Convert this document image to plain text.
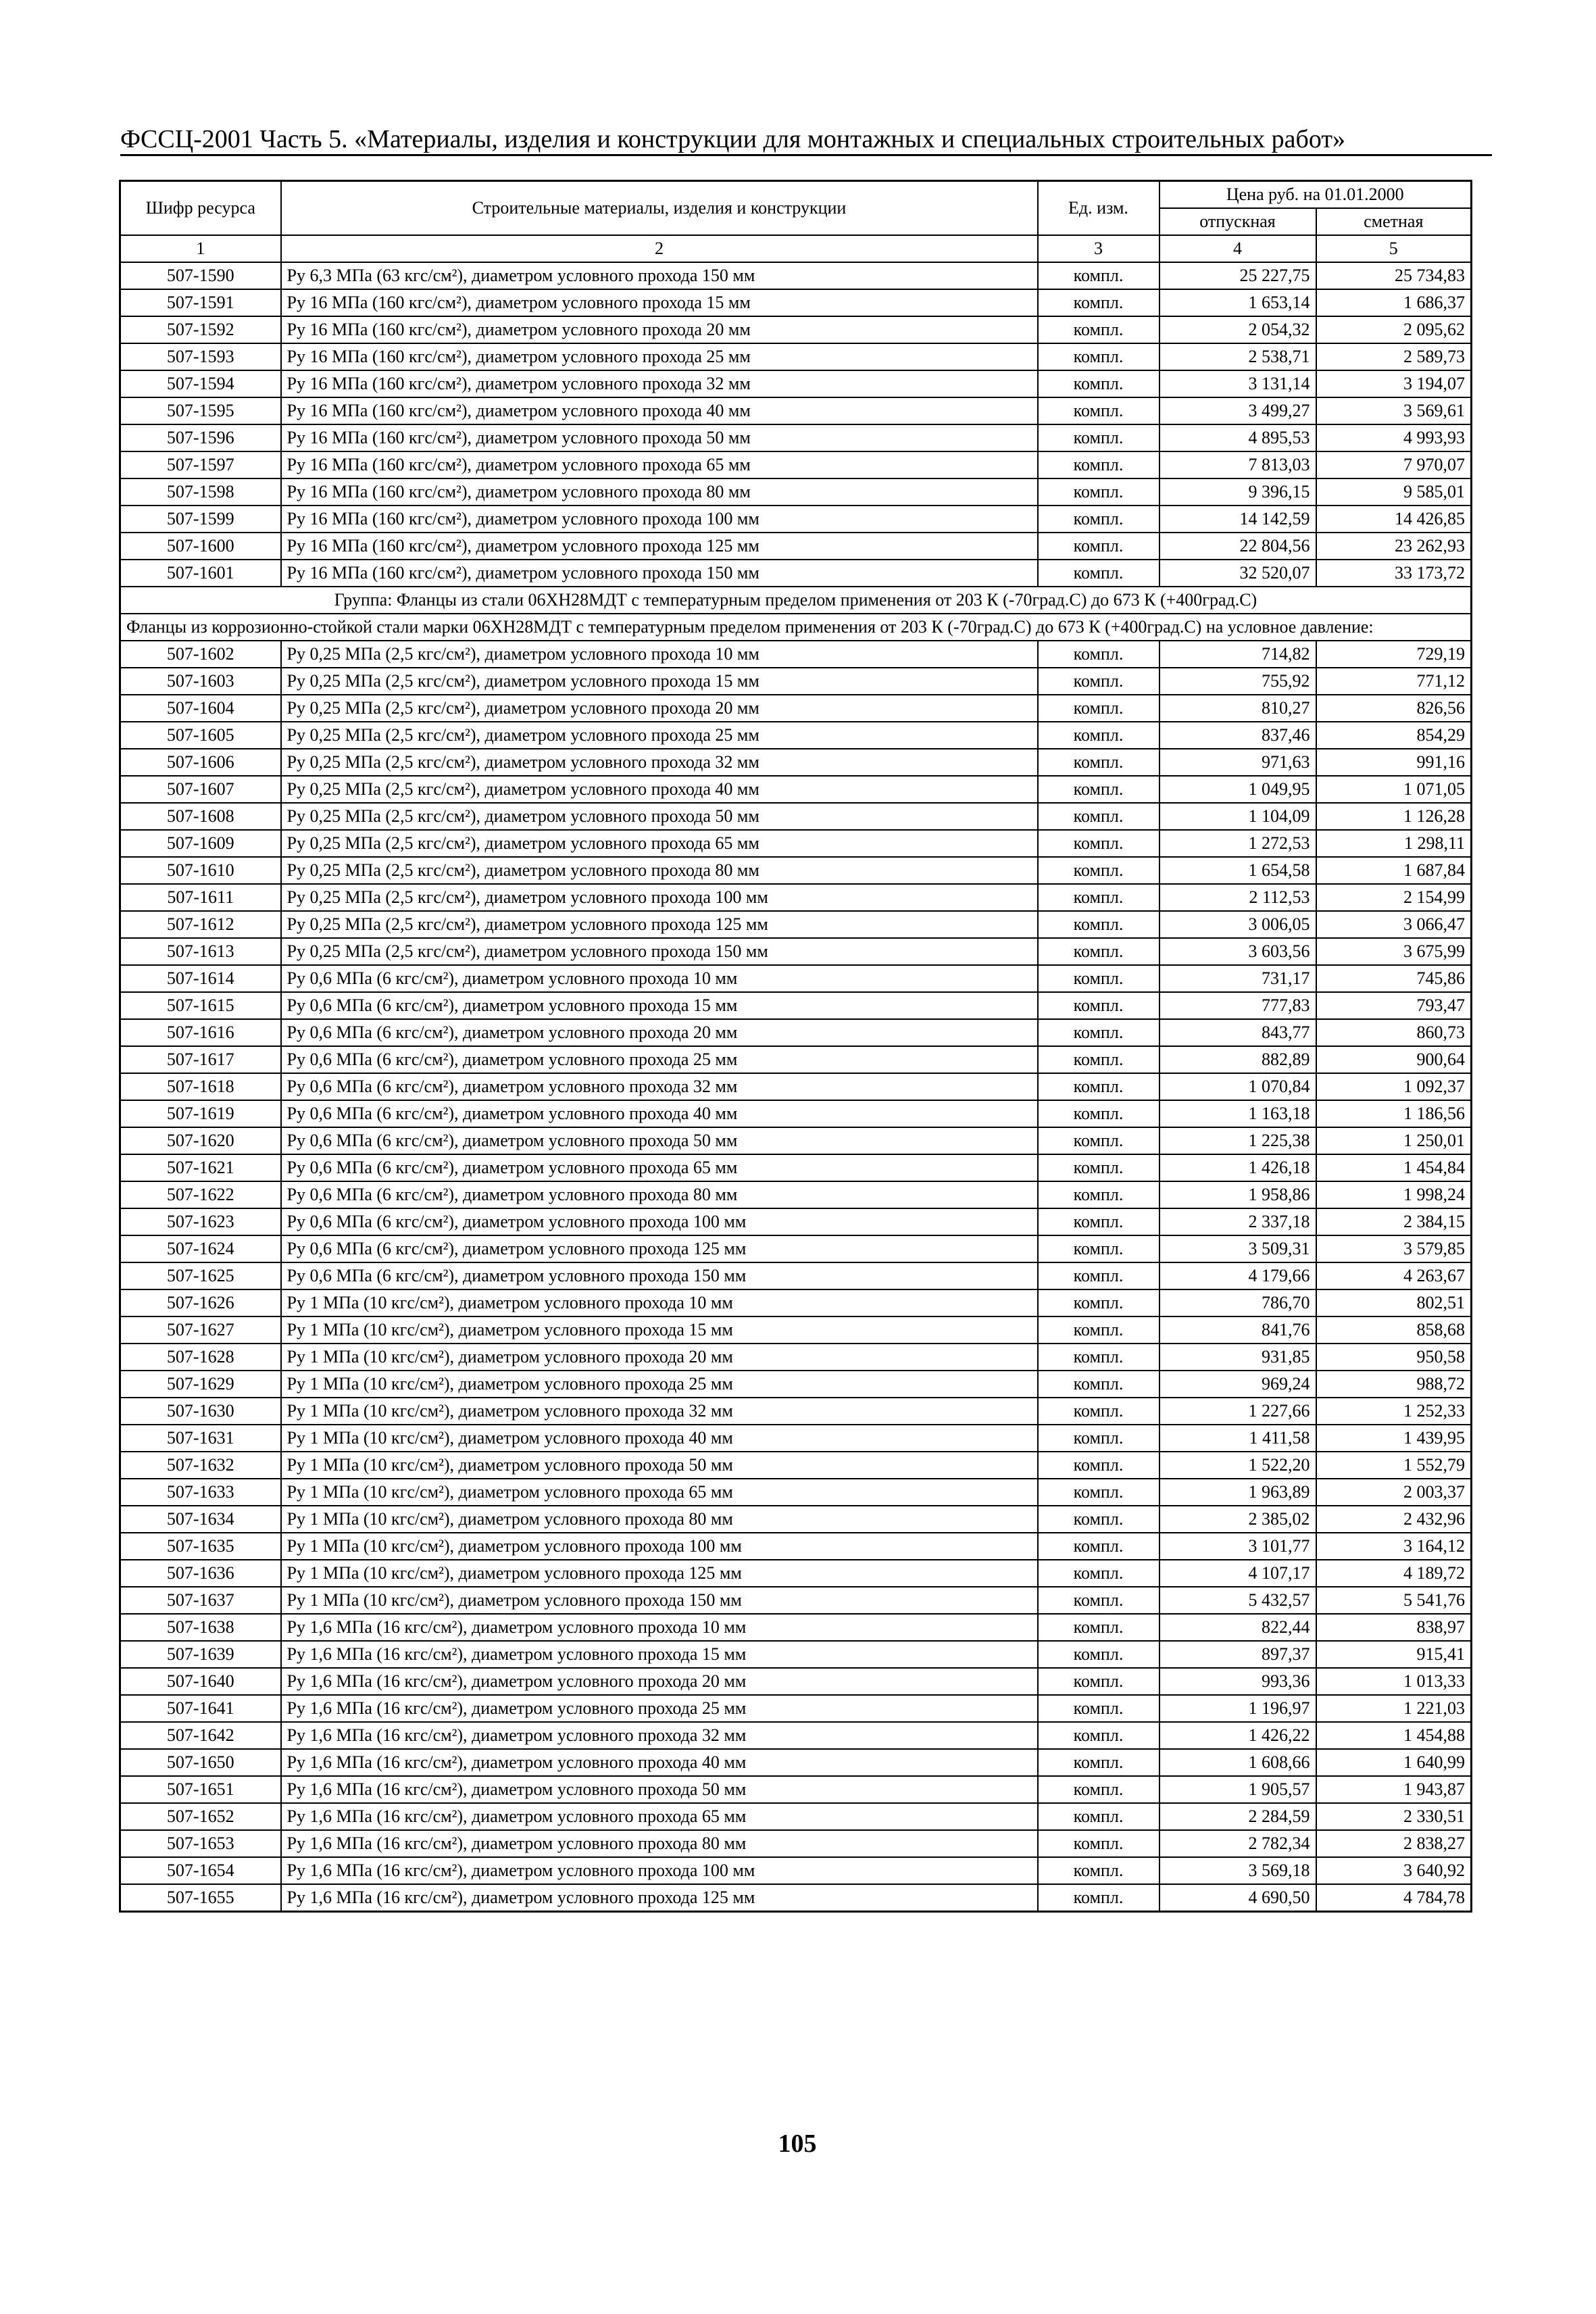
ФССЦ-2001 Часть 5. «Материалы, изделия и конструкции для монтажных и специальных строительных работ»
Шифр ресурса	Строительные материалы, изделия и конструкции	Ед. изм.	Цена руб. на 01.01.2000	
			отпускная	сметная
1	2	3	4	5
507-1590	Ру 6,3 МПа (63 кгс/см²), диаметром условного прохода 150 мм	компл.	25 227,75	25 734,83
507-1591	Ру 16 МПа (160 кгс/см²), диаметром условного прохода 15 мм	компл.	1 653,14	1 686,37
507-1592	Ру 16 МПа (160 кгс/см²), диаметром условного прохода 20 мм	компл.	2 054,32	2 095,62
507-1593	Ру 16 МПа (160 кгс/см²), диаметром условного прохода 25 мм	компл.	2 538,71	2 589,73
507-1594	Ру 16 МПа (160 кгс/см²), диаметром условного прохода 32 мм	компл.	3 131,14	3 194,07
507-1595	Ру 16 МПа (160 кгс/см²), диаметром условного прохода 40 мм	компл.	3 499,27	3 569,61
507-1596	Ру 16 МПа (160 кгс/см²), диаметром условного прохода 50 мм	компл.	4 895,53	4 993,93
507-1597	Ру 16 МПа (160 кгс/см²), диаметром условного прохода 65 мм	компл.	7 813,03	7 970,07
507-1598	Ру 16 МПа (160 кгс/см²), диаметром условного прохода 80 мм	компл.	9 396,15	9 585,01
507-1599	Ру 16 МПа (160 кгс/см²), диаметром условного прохода 100 мм	компл.	14 142,59	14 426,85
507-1600	Ру 16 МПа (160 кгс/см²), диаметром условного прохода 125 мм	компл.	22 804,56	23 262,93
507-1601	Ру 16 МПа (160 кгс/см²), диаметром условного прохода 150 мм	компл.	32 520,07	33 173,72
Группа: Фланцы из стали 06ХН28МДТ с температурным пределом применения от 203 К (-70град.С) до 673 К (+400град.С)				
Фланцы из коррозионно-стойкой стали марки 06ХН28МДТ с температурным пределом применения от 203 К (-70град.С) до 673 К (+400град.С) на условное давление:				
507-1602	Ру 0,25 МПа (2,5 кгс/см²), диаметром условного прохода 10 мм	компл.	714,82	729,19
507-1603	Ру 0,25 МПа (2,5 кгс/см²), диаметром условного прохода 15 мм	компл.	755,92	771,12
507-1604	Ру 0,25 МПа (2,5 кгс/см²), диаметром условного прохода 20 мм	компл.	810,27	826,56
507-1605	Ру 0,25 МПа (2,5 кгс/см²), диаметром условного прохода 25 мм	компл.	837,46	854,29
507-1606	Ру 0,25 МПа (2,5 кгс/см²), диаметром условного прохода 32 мм	компл.	971,63	991,16
507-1607	Ру 0,25 МПа (2,5 кгс/см²), диаметром условного прохода 40 мм	компл.	1 049,95	1 071,05
507-1608	Ру 0,25 МПа (2,5 кгс/см²), диаметром условного прохода 50 мм	компл.	1 104,09	1 126,28
507-1609	Ру 0,25 МПа (2,5 кгс/см²), диаметром условного прохода 65 мм	компл.	1 272,53	1 298,11
507-1610	Ру 0,25 МПа (2,5 кгс/см²), диаметром условного прохода 80 мм	компл.	1 654,58	1 687,84
507-1611	Ру 0,25 МПа (2,5 кгс/см²), диаметром условного прохода 100 мм	компл.	2 112,53	2 154,99
507-1612	Ру 0,25 МПа (2,5 кгс/см²), диаметром условного прохода 125 мм	компл.	3 006,05	3 066,47
507-1613	Ру 0,25 МПа (2,5 кгс/см²), диаметром условного прохода 150 мм	компл.	3 603,56	3 675,99
507-1614	Ру 0,6 МПа (6 кгс/см²), диаметром условного прохода 10 мм	компл.	731,17	745,86
507-1615	Ру 0,6 МПа (6 кгс/см²), диаметром условного прохода 15 мм	компл.	777,83	793,47
507-1616	Ру 0,6 МПа (6 кгс/см²), диаметром условного прохода 20 мм	компл.	843,77	860,73
507-1617	Ру 0,6 МПа (6 кгс/см²), диаметром условного прохода 25 мм	компл.	882,89	900,64
507-1618	Ру 0,6 МПа (6 кгс/см²), диаметром условного прохода 32 мм	компл.	1 070,84	1 092,37
507-1619	Ру 0,6 МПа (6 кгс/см²), диаметром условного прохода 40 мм	компл.	1 163,18	1 186,56
507-1620	Ру 0,6 МПа (6 кгс/см²), диаметром условного прохода 50 мм	компл.	1 225,38	1 250,01
507-1621	Ру 0,6 МПа (6 кгс/см²), диаметром условного прохода 65 мм	компл.	1 426,18	1 454,84
507-1622	Ру 0,6 МПа (6 кгс/см²), диаметром условного прохода 80 мм	компл.	1 958,86	1 998,24
507-1623	Ру 0,6 МПа (6 кгс/см²), диаметром условного прохода 100 мм	компл.	2 337,18	2 384,15
507-1624	Ру 0,6 МПа (6 кгс/см²), диаметром условного прохода 125 мм	компл.	3 509,31	3 579,85
507-1625	Ру 0,6 МПа (6 кгс/см²), диаметром условного прохода 150 мм	компл.	4 179,66	4 263,67
507-1626	Ру 1 МПа (10 кгс/см²), диаметром условного прохода 10 мм	компл.	786,70	802,51
507-1627	Ру 1 МПа (10 кгс/см²), диаметром условного прохода 15 мм	компл.	841,76	858,68
507-1628	Ру 1 МПа (10 кгс/см²), диаметром условного прохода 20 мм	компл.	931,85	950,58
507-1629	Ру 1 МПа (10 кгс/см²), диаметром условного прохода 25 мм	компл.	969,24	988,72
507-1630	Ру 1 МПа (10 кгс/см²), диаметром условного прохода 32 мм	компл.	1 227,66	1 252,33
507-1631	Ру 1 МПа (10 кгс/см²), диаметром условного прохода 40 мм	компл.	1 411,58	1 439,95
507-1632	Ру 1 МПа (10 кгс/см²), диаметром условного прохода 50 мм	компл.	1 522,20	1 552,79
507-1633	Ру 1 МПа (10 кгс/см²), диаметром условного прохода 65 мм	компл.	1 963,89	2 003,37
507-1634	Ру 1 МПа (10 кгс/см²), диаметром условного прохода 80 мм	компл.	2 385,02	2 432,96
507-1635	Ру 1 МПа (10 кгс/см²), диаметром условного прохода 100 мм	компл.	3 101,77	3 164,12
507-1636	Ру 1 МПа (10 кгс/см²), диаметром условного прохода 125 мм	компл.	4 107,17	4 189,72
507-1637	Ру 1 МПа (10 кгс/см²), диаметром условного прохода 150 мм	компл.	5 432,57	5 541,76
507-1638	Ру 1,6 МПа (16 кгс/см²), диаметром условного прохода 10 мм	компл.	822,44	838,97
507-1639	Ру 1,6 МПа (16 кгс/см²), диаметром условного прохода 15 мм	компл.	897,37	915,41
507-1640	Ру 1,6 МПа (16 кгс/см²), диаметром условного прохода 20 мм	компл.	993,36	1 013,33
507-1641	Ру 1,6 МПа (16 кгс/см²), диаметром условного прохода 25 мм	компл.	1 196,97	1 221,03
507-1642	Ру 1,6 МПа (16 кгс/см²), диаметром условного прохода 32 мм	компл.	1 426,22	1 454,88
507-1650	Ру 1,6 МПа (16 кгс/см²), диаметром условного прохода 40 мм	компл.	1 608,66	1 640,99
507-1651	Ру 1,6 МПа (16 кгс/см²), диаметром условного прохода 50 мм	компл.	1 905,57	1 943,87
507-1652	Ру 1,6 МПа (16 кгс/см²), диаметром условного прохода 65 мм	компл.	2 284,59	2 330,51
507-1653	Ру 1,6 МПа (16 кгс/см²), диаметром условного прохода 80 мм	компл.	2 782,34	2 838,27
507-1654	Ру 1,6 МПа (16 кгс/см²), диаметром условного прохода 100 мм	компл.	3 569,18	3 640,92
507-1655	Ру 1,6 МПа (16 кгс/см²), диаметром условного прохода 125 мм	компл.	4 690,50	4 784,78
105
